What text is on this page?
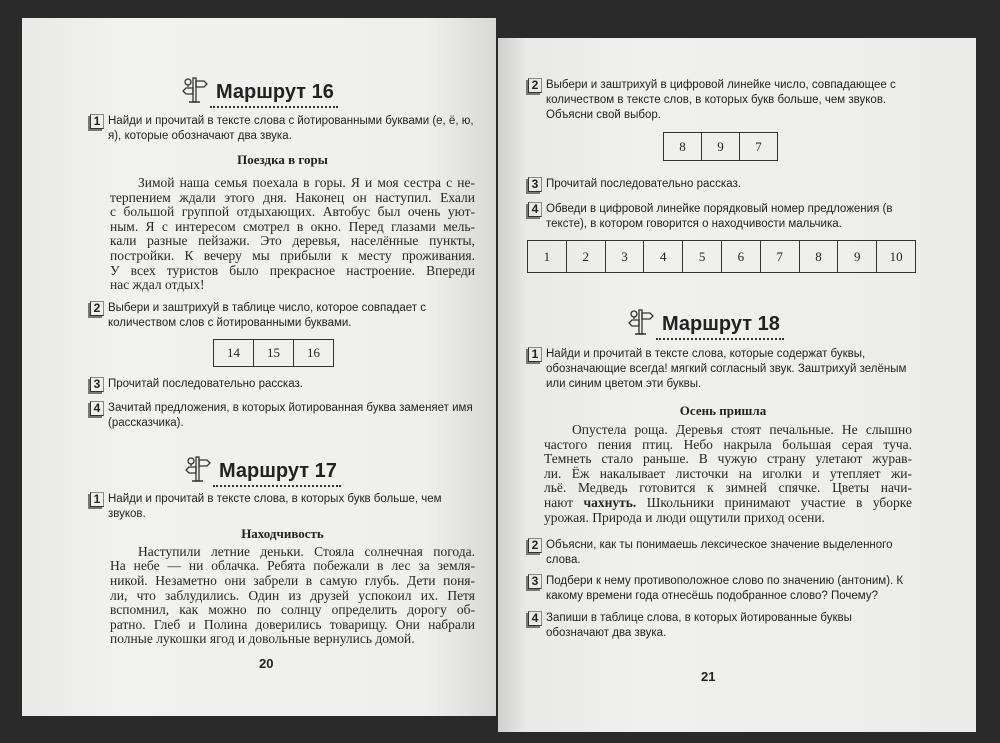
Маршрут 16
1 Найди и прочитай в тексте слова с йотированными буквами (е, ё, ю, я), которые обозначают два звука.
Поездка в горы
Зимой наша семья поехала в горы. Я и моя сестра с не-
терпением ждали этого дня. Наконец он наступил. Ехали
с большой группой отдыхающих. Автобус был очень уют-
ным. Я с интересом смотрел в окно. Перед глазами мель-
кали разные пейзажи. Это деревья, населённые пункты,
постройки. К вечеру мы прибыли к месту проживания.
У всех туристов было прекрасное настроение. Впереди
нас ждал отдых!
2 Выбери и заштрихуй в таблице число, которое совпадает с количеством слов с йотированными буквами.
14	15	16
3 Прочитай последовательно рассказ.
4 Зачитай предложения, в которых йотированная буква заменяет имя (рассказчика).
Маршрут 17
1 Найди и прочитай в тексте слова, в которых букв больше, чем звуков.
Находчивость
Наступили летние деньки. Стояла солнечная погода.
На небе — ни облачка. Ребята побежали в лес за земля-
никой. Незаметно они забрели в самую глубь. Дети поня-
ли, что заблудились. Один из друзей успокоил их. Петя
вспомнил, как можно по солнцу определить дорогу об-
ратно. Глеб и Полина доверились товарищу. Они набрали
полные лукошки ягод и довольные вернулись домой.
20
2 Выбери и заштрихуй в цифровой линейке число, совпадающее с количеством в тексте слов, в которых букв больше, чем звуков. Объясни свой выбор.
8	9	7
3 Прочитай последовательно рассказ.
4 Обведи в цифровой линейке порядковый номер предложения (в тексте), в котором говорится о находчивости мальчика.
1	2	3	4	5	6	7	8	9	10
Маршрут 18
1 Найди и прочитай в тексте слова, которые содержат буквы, обозначающие всегда! мягкий согласный звук. Заштрихуй зелёным или синим цветом эти буквы.
Осень пришла
Опустела роща. Деревья стоят печальные. Не слышно
частого пения птиц. Небо накрыла большая серая туча.
Темнеть стало раньше. В чужую страну улетают журав-
ли. Ёж накалывает листочки на иголки и утепляет жи-
льё. Медведь готовится к зимней спячке. Цветы начи-
нают чахнуть. Школьники принимают участие в уборке
урожая. Природа и люди ощутили приход осени.
2 Объясни, как ты понимаешь лексическое значение выделенного слова.
3 Подбери к нему противоположное слово по значению (антоним). К какому времени года отнесёшь подобранное слово? Почему?
4 Запиши в таблице слова, в которых йотированные буквы обозначают два звука.
21
